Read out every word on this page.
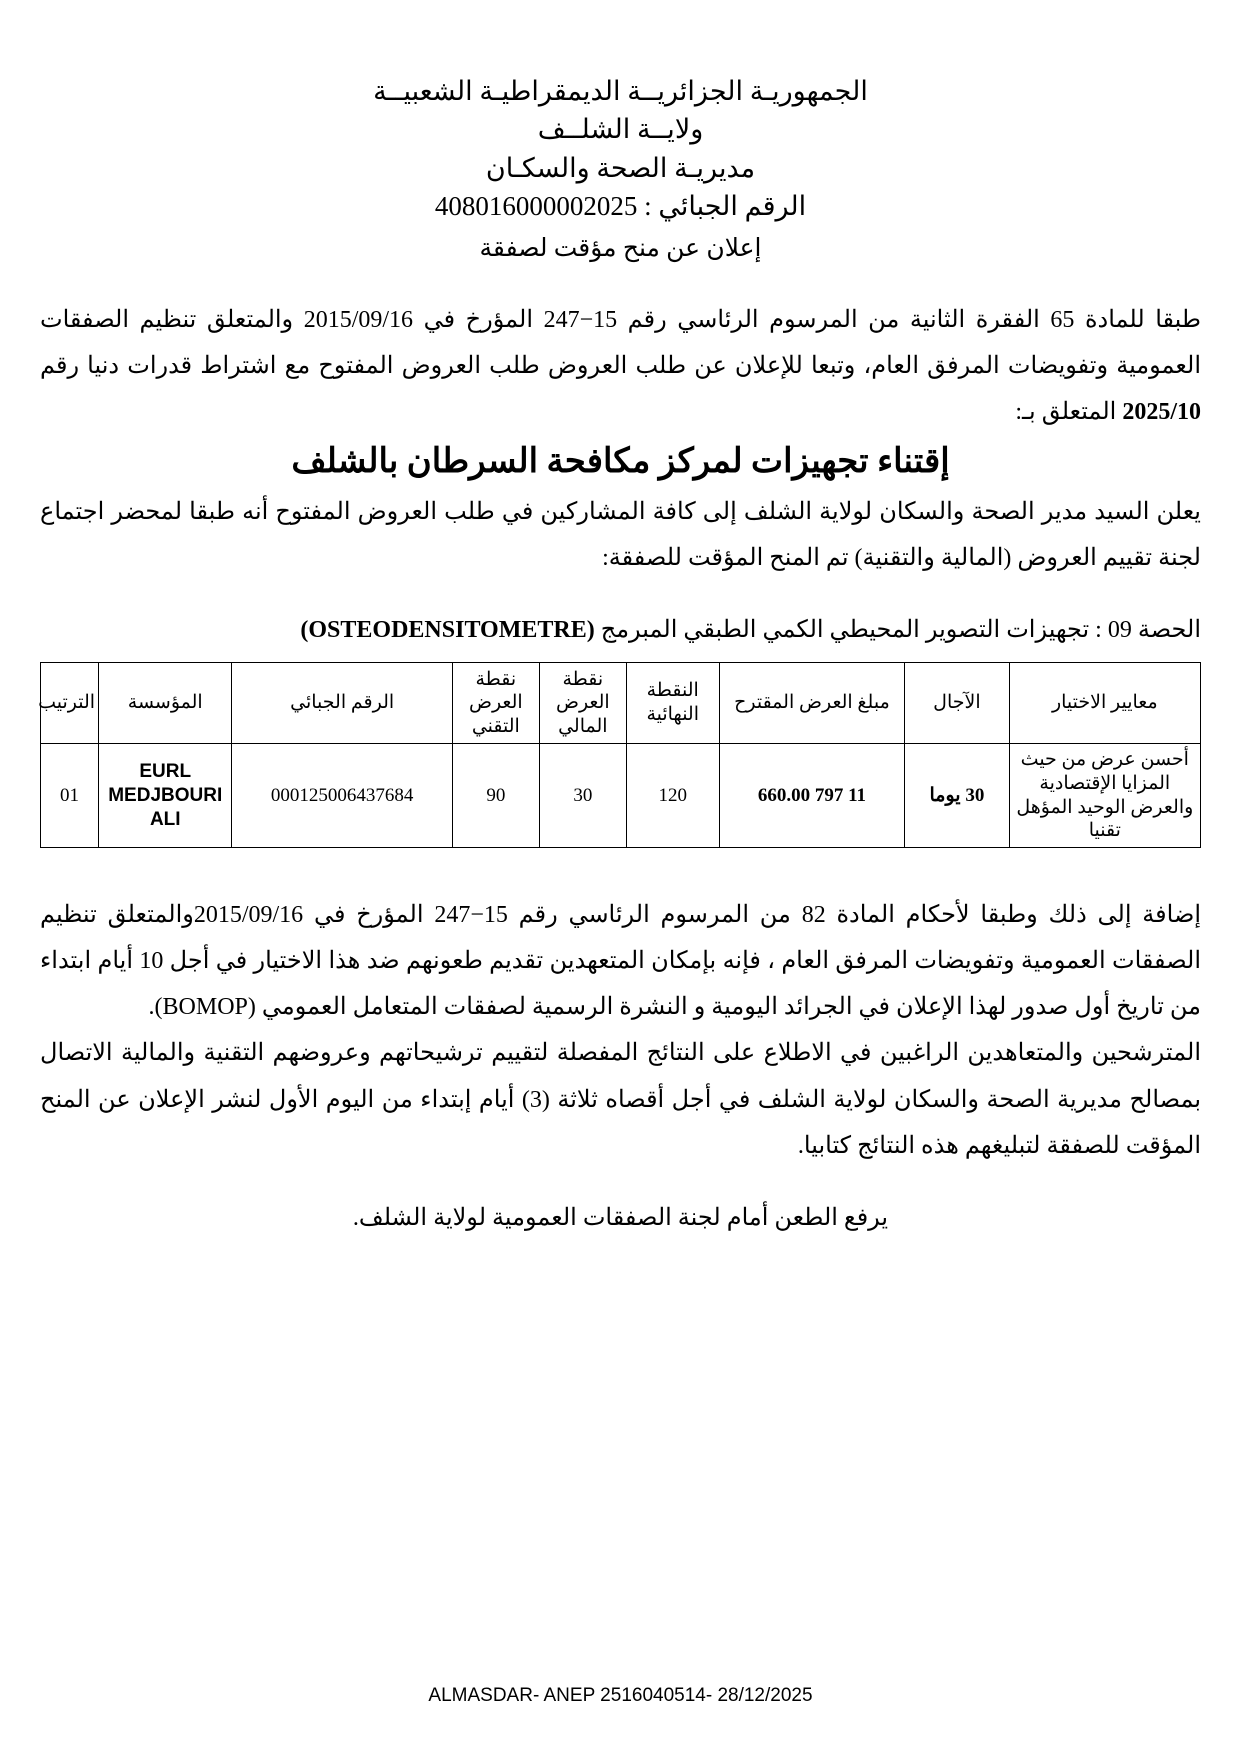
الجمهوريـة الجزائريــة الديمقراطيـة الشعبيــة
ولايــة الشلــف
مديريـة الصحة والسكـان
الرقم الجبائي : 408016000002025
إعلان عن منح مؤقت لصفقة

طبقا للمادة 65 الفقرة الثانية من المرسوم الرئاسي رقم 15−247 المؤرخ في 2015/09/16 والمتعلق تنظيم الصفقات العمومية وتفويضات المرفق العام، وتبعا للإعلان عن طلب العروض طلب العروض المفتوح مع اشتراط قدرات دنيا رقم 2025/10 المتعلق بـ:

إقتناء تجهيزات لمركز مكافحة السرطان بالشلف

يعلن السيد مدير الصحة والسكان لولاية الشلف إلى كافة المشاركين في طلب العروض المفتوح أنه طبقا لمحضر اجتماع لجنة تقييم العروض (المالية والتقنية) تم المنح المؤقت للصفقة:

الحصة 09 : تجهيزات التصوير المحيطي الكمي الطبقي المبرمج (OSTEODENSITOMETRE)
معايير الاختيار	الآجال	مبلغ العرض المقترح	النقطة النهائية	نقطة العرض المالي	نقطة العرض التقني	الرقم الجبائي	المؤسسة	الترتيب
أحسن عرض من حيث المزايا الإقتصادية والعرض الوحيد المؤهل تقنيا	30 يوما	11 797 660.00	120	30	90	000125006437684	EURL MEDJBOURI ALI	01

إضافة إلى ذلك وطبقا لأحكام المادة 82 من المرسوم الرئاسي رقم 15−247 المؤرخ في 2015/09/16والمتعلق تنظيم الصفقات العمومية وتفويضات المرفق العام ، فإنه بإمكان المتعهدين تقديم طعونهم ضد هذا الاختيار في أجل 10 أيام ابتداء من تاريخ أول صدور لهذا الإعلان في الجرائد اليومية و النشرة الرسمية لصفقات المتعامل العمومي (BOMOP).

المترشحين والمتعاهدين الراغبين في الاطلاع على النتائج المفصلة لتقييم ترشيحاتهم وعروضهم التقنية والمالية الاتصال بمصالح مديرية الصحة والسكان لولاية الشلف في أجل أقصاه ثلاثة (3) أيام إبتداء من اليوم الأول لنشر الإعلان عن المنح المؤقت للصفقة لتبليغهم هذه النتائج كتابيا.

يرفع الطعن أمام لجنة الصفقات العمومية لولاية الشلف.
ALMASDAR- ANEP 2516040514- 28/12/2025
